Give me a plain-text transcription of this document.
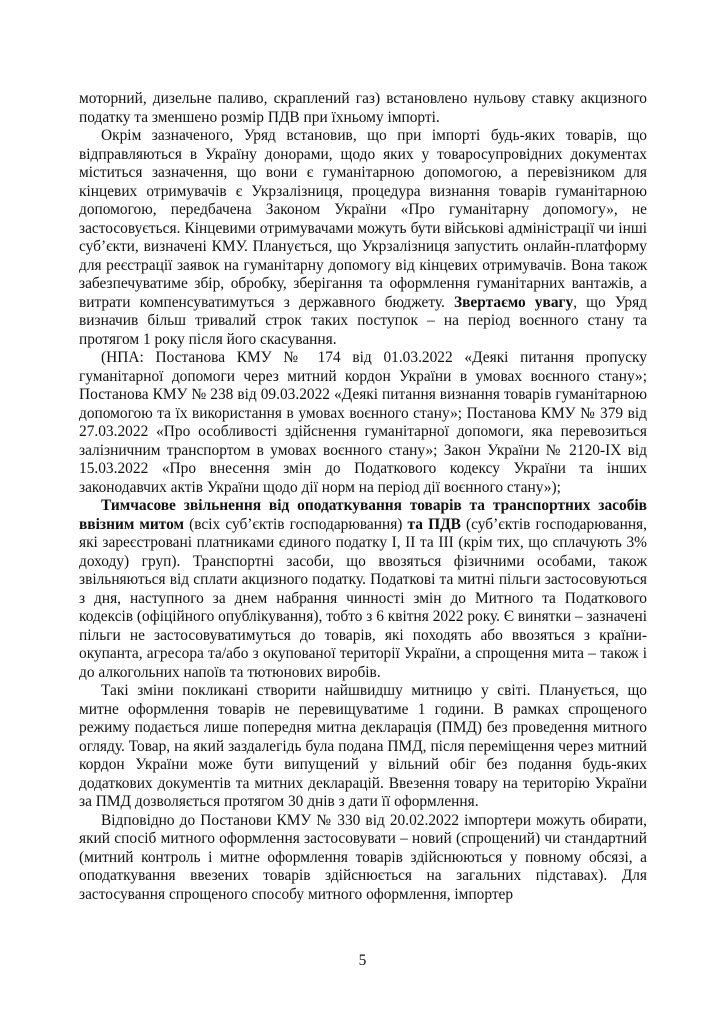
моторний, дизельне паливо, скраплений газ) встановлено нульову ставку акцизного податку та зменшено розмір ПДВ при їхньому імпорті.

Окрім зазначеного, Уряд встановив, що при імпорті будь-яких товарів, що відправляються в Україну донорами, щодо яких у товаросупровідних документах міститься зазначення, що вони є гуманітарною допомогою, а перевізником для кінцевих отримувачів є Укрзалізниця, процедура визнання товарів гуманітарною допомогою, передбачена Законом України «Про гуманітарну допомогу», не застосовується. Кінцевими отримувачами можуть бути військові адміністрації чи інші суб’єкти, визначені КМУ. Планується, що Укрзалізниця запустить онлайн-платформу для реєстрації заявок на гуманітарну допомогу від кінцевих отримувачів. Вона також забезпечуватиме збір, обробку, зберігання та оформлення гуманітарних вантажів, а витрати компенсуватимуться з державного бюджету. Звертаємо увагу, що Уряд визначив більш тривалий строк таких поступок – на період воєнного стану та протягом 1 року після його скасування.

(НПА: Постанова КМУ № 174 від 01.03.2022 «Деякі питання пропуску гуманітарної допомоги через митний кордон України в умовах воєнного стану»; Постанова КМУ № 238 від 09.03.2022 «Деякі питання визнання товарів гуманітарною допомогою та їх використання в умовах воєнного стану»; Постанова КМУ № 379 від 27.03.2022 «Про особливості здійснення гуманітарної допомоги, яка перевозиться залізничним транспортом в умовах воєнного стану»; Закон України № 2120-IX від 15.03.2022 «Про внесення змін до Податкового кодексу України та інших законодавчих актів України щодо дії норм на період дії воєнного стану»);

Тимчасове звільнення від оподаткування товарів та транспортних засобів ввізним митом (всіх суб’єктів господарювання) та ПДВ (суб’єктів господарювання, які зареєстровані платниками єдиного податку I, II та III (крім тих, що сплачують 3% доходу) груп). Транспортні засоби, що ввозяться фізичними особами, також звільняються від сплати акцизного податку. Податкові та митні пільги застосовуються з дня, наступного за днем набрання чинності змін до Митного та Податкового кодексів (офіційного опублікування), тобто з 6 квітня 2022 року. Є винятки – зазначені пільги не застосовуватимуться до товарів, які походять або ввозяться з країни-окупанта, агресора та/або з окупованої території України, а спрощення мита – також і до алкогольних напоїв та тютюнових виробів.

Такі зміни покликані створити найшвидшу митницю у світі. Планується, що митне оформлення товарів не перевищуватиме 1 години. В рамках спрощеного режиму подається лише попередня митна декларація (ПМД) без проведення митного огляду. Товар, на який заздалегідь була подана ПМД, після переміщення через митний кордон України може бути випущений у вільний обіг без подання будь-яких додаткових документів та митних декларацій. Ввезення товару на територію України за ПМД дозволяється протягом 30 днів з дати її оформлення.

Відповідно до Постанови КМУ № 330 від 20.02.2022 імпортери можуть обирати, який спосіб митного оформлення застосовувати – новий (спрощений) чи стандартний (митний контроль і митне оформлення товарів здійснюються у повному обсязі, а оподаткування ввезених товарів здійснюється на загальних підставах). Для застосування спрощеного способу митного оформлення, імпортер

5
